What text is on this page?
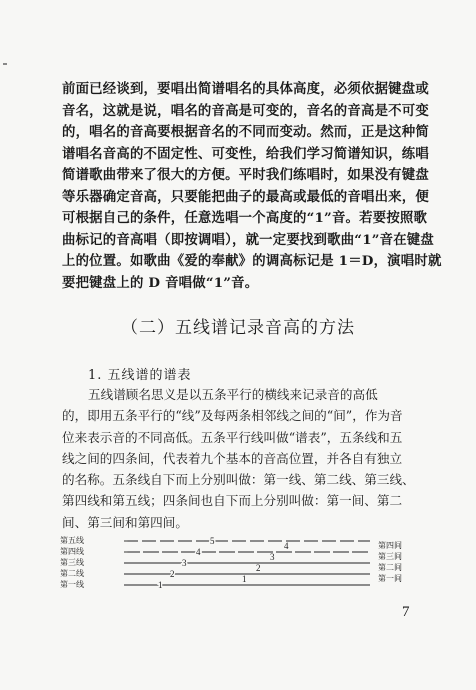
前面已经谈到，要唱出简谱唱名的具体高度，必须依据键盘或

音名，这就是说，唱名的音高是可变的，音名的音高是不可变

的，唱名的音高要根据音名的不同而变动。然而，正是这种简

谱唱名音高的不固定性、可变性，给我们学习简谱知识，练唱

简谱歌曲带来了很大的方便。平时我们练唱时，如果没有键盘

等乐器确定音高，只要能把曲子的最高或最低的音唱出来，便

可根据自己的条件，任意选唱一个高度的“1”音。若要按照歌

曲标记的音高唱（即按调唱），就一定要找到歌曲“1”音在键盘

上的位置。如歌曲《爱的奉献》的调高标记是 1＝D，演唱时就

要把键盘上的 D 音唱做“1”音。

（二）五线谱记录音高的方法
1. 五线谱的谱表

五线谱顾名思义是以五条平行的横线来记录音的高低

的，即用五条平行的“线”及每两条相邻线之间的“间”，作为音

位来表示音的不同高低。五条平行线叫做“谱表”，五条线和五

线之间的四条间，代表着九个基本的音高位置，并各自有独立

的名称。五条线自下而上分别叫做：第一线、第二线、第三线、

第四线和第五线；四条间也自下而上分别叫做：第一间、第二

间、第三间和第四间。

第五线
第四线
第三线
第二线
第一线
第四间
第三间
第二间
第一间
5
4
3
2
1
4
3
2
1
7
